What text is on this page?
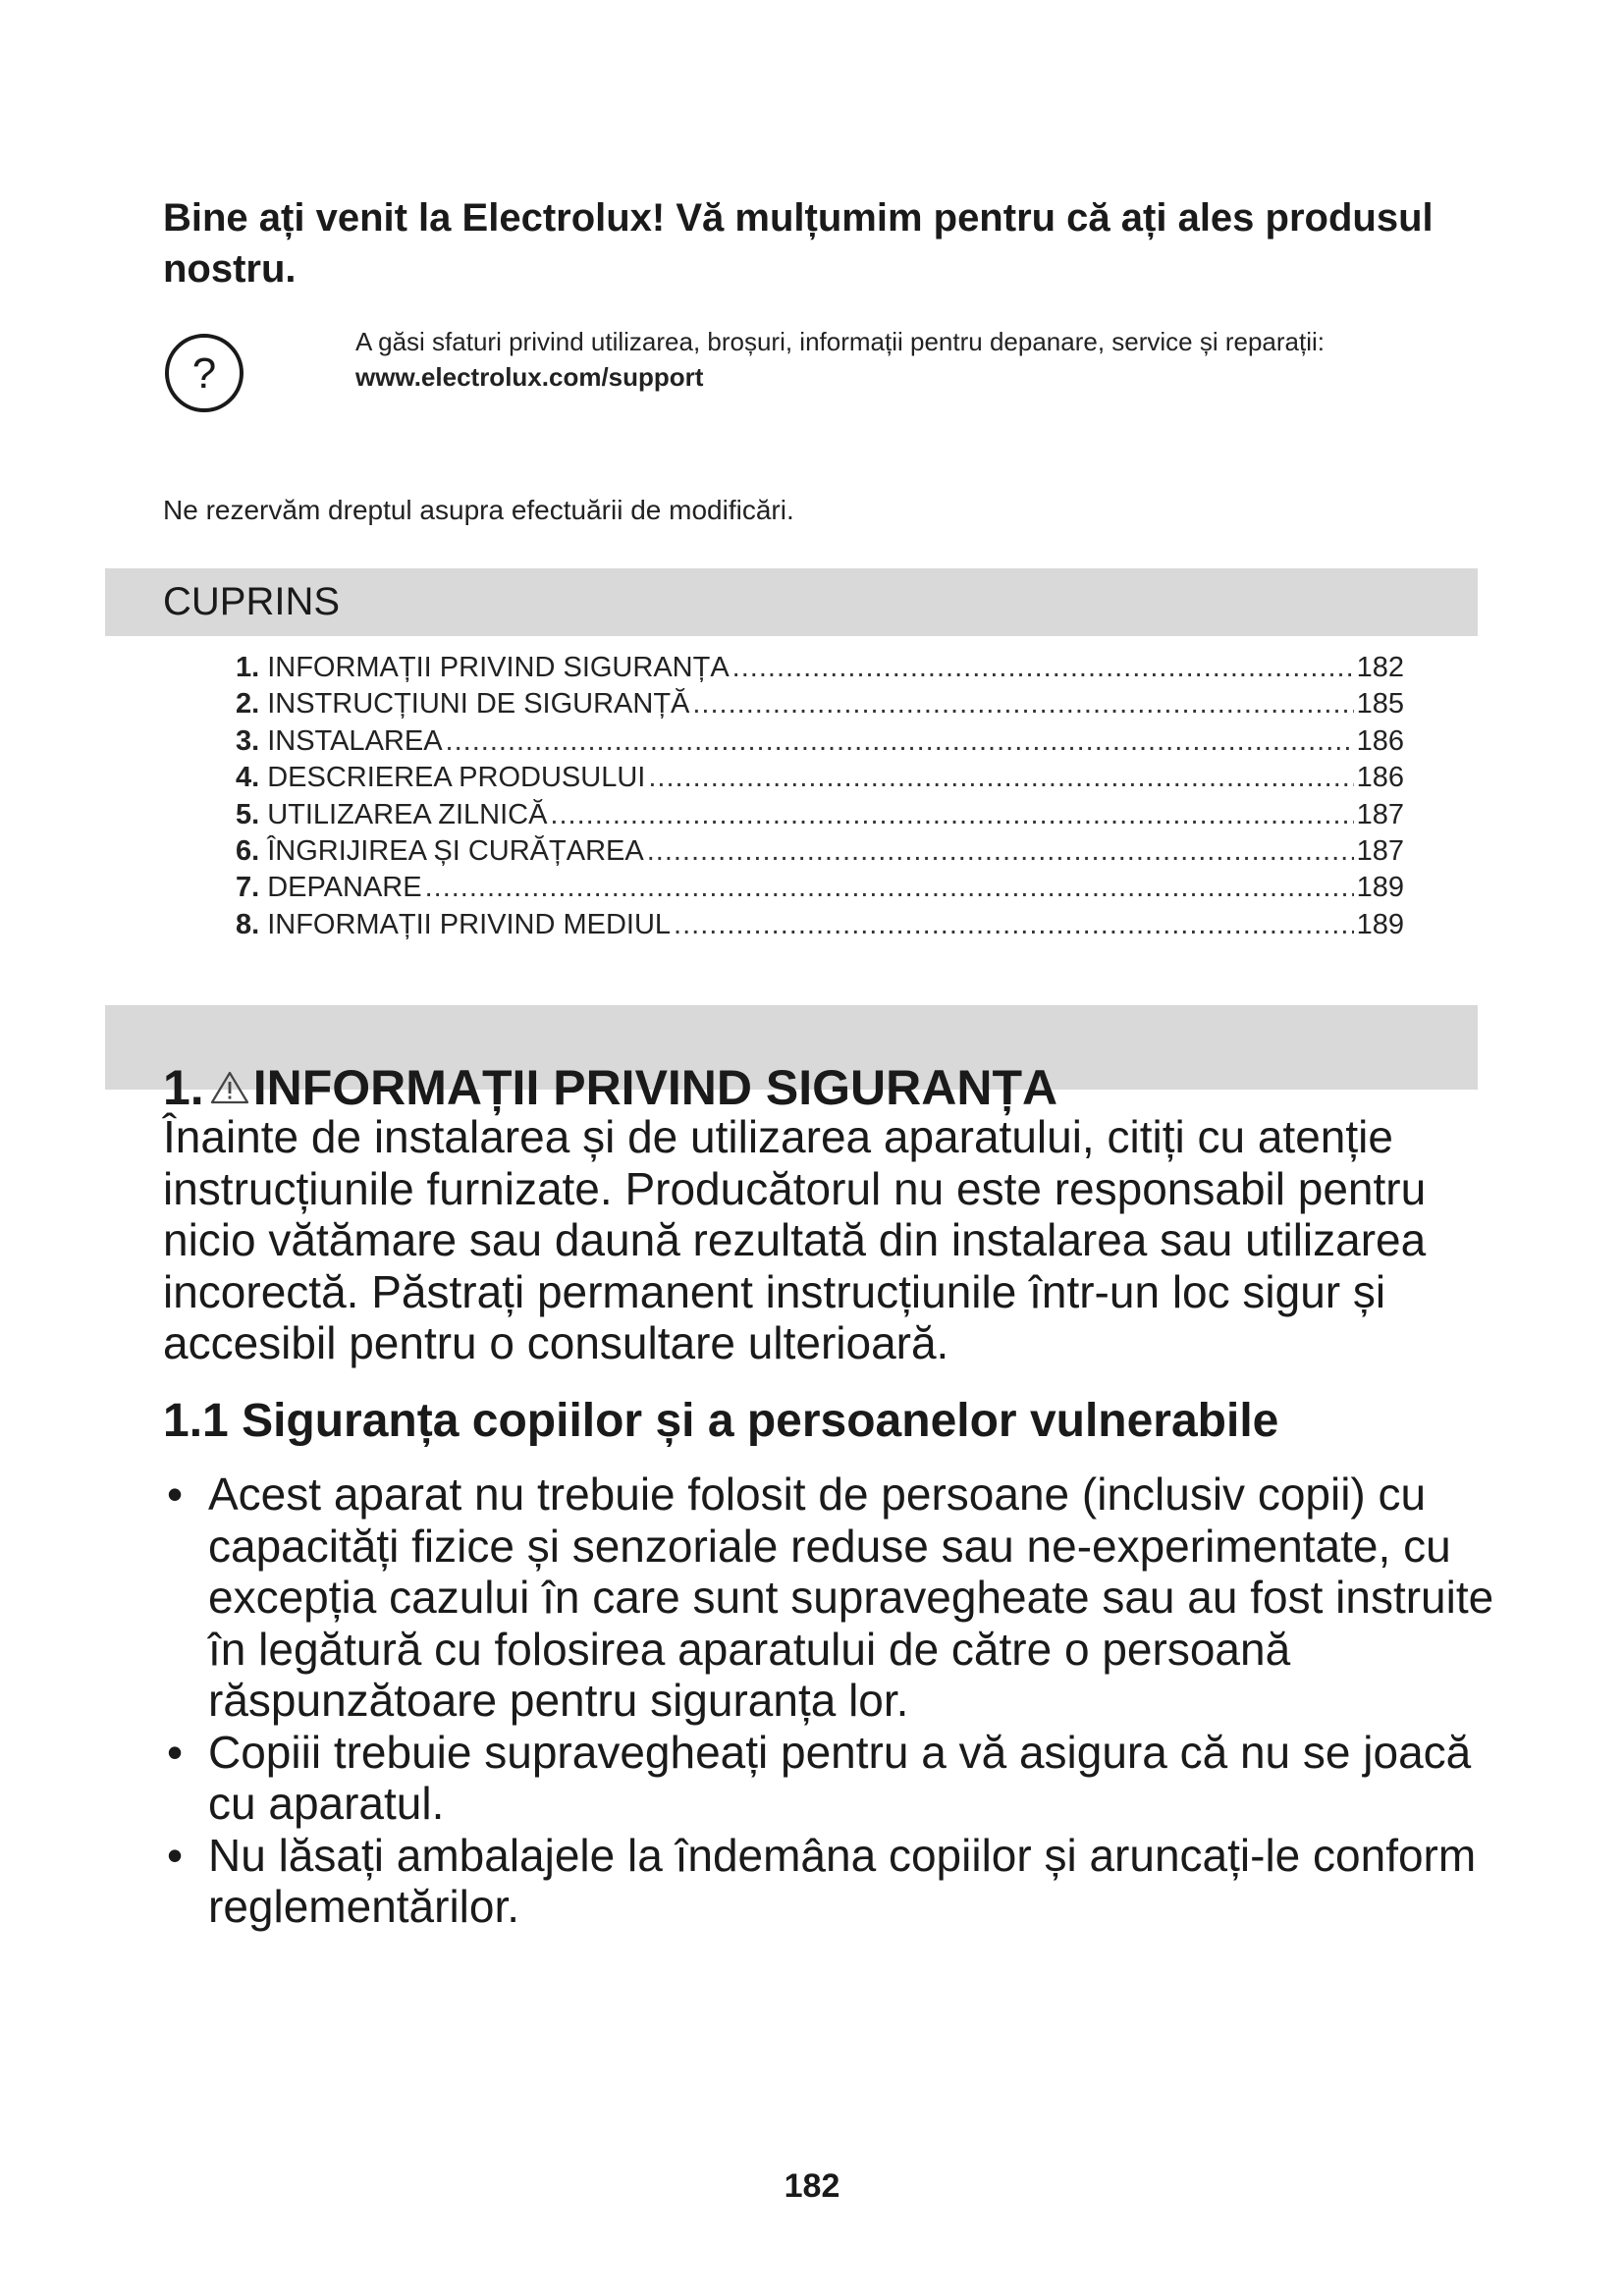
Bine ați venit la Electrolux! Vă mulțumim pentru că ați ales produsul nostru.
?
A găsi sfaturi privind utilizarea, broșuri, informații pentru depanare, service și reparații:
www.electrolux.com/support
Ne rezervăm dreptul asupra efectuării de modificări.
CUPRINS
1. INFORMAȚII PRIVIND SIGURANȚA .....	182
2. INSTRUCȚIUNI DE SIGURANȚĂ .....	185
3. INSTALAREA .....	186
4. DESCRIEREA PRODUSULUI .....	186
5. UTILIZAREA ZILNICĂ .....	187
6. ÎNGRIJIREA ȘI CURĂȚAREA .....	187
7. DEPANARE .....	189
8. INFORMAȚII PRIVIND MEDIUL .....	189
1. INFORMAȚII PRIVIND SIGURANȚA

Înainte de instalarea și de utilizarea aparatului, citiți cu atenție instrucțiunile furnizate. Producătorul nu este responsabil pentru nicio vătămare sau daună rezultată din instalarea sau utilizarea incorectă. Păstrați permanent instrucțiunile într-un loc sigur și accesibil pentru o consultare ulterioară.

1.1 Siguranța copiilor și a persoanelor vulnerabile
• Acest aparat nu trebuie folosit de persoane (inclusiv copii) cu capacități fizice și senzoriale reduse sau ne-experimentate, cu excepția cazului în care sunt supravegheate sau au fost instruite în legătură cu folosirea aparatului de către o persoană răspunzătoare pentru siguranța lor.
• Copiii trebuie supravegheați pentru a vă asigura că nu se joacă cu aparatul.
• Nu lăsați ambalajele la îndemâna copiilor și aruncați-le conform reglementărilor.
182
